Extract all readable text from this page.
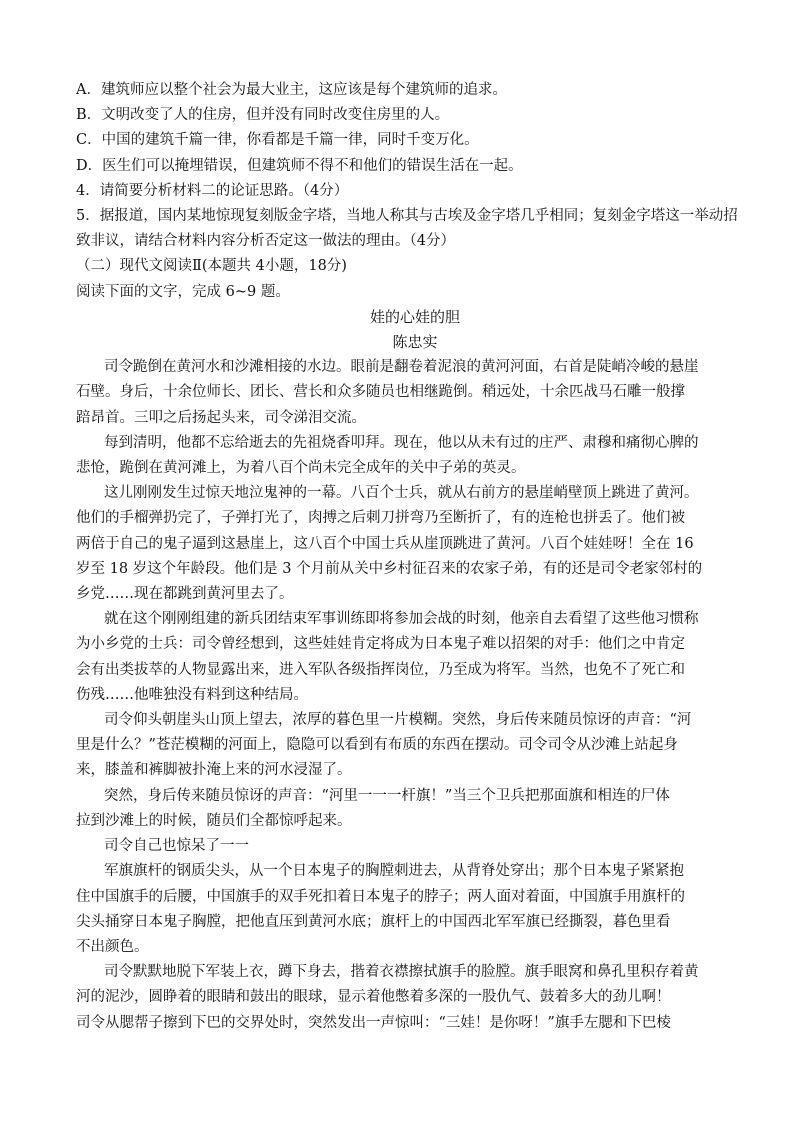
A．建筑师应以整个社会为最大业主，这应该是每个建筑师的追求。
B．文明改变了人的住房，但并没有同时改变住房里的人。
C．中国的建筑千篇一律，你看都是千篇一律，同时千变万化。
D．医生们可以掩埋错误，但建筑师不得不和他们的错误生活在一起。
4．请简要分析材料二的论证思路。（4分）
5．据报道，国内某地惊现复刻版金字塔，当地人称其与古埃及金字塔几乎相同；复刻金字塔这一举动招
致非议，请结合材料内容分析否定这一做法的理由。（4分）
（二）现代文阅读Ⅱ(本题共 4小题，18分)
阅读下面的文字，完成 6~9 题。
娃的心娃的胆
陈忠实
司令跪倒在黄河水和沙滩相接的水边。眼前是翻卷着泥浪的黄河河面，右首是陡峭冷峻的悬崖
石壁。身后，十余位师长、团长、营长和众多随员也相继跪倒。稍远处，十余匹战马石雕一般撑
踣昂首。三叩之后扬起头来，司令涕泪交流。
每到清明，他都不忘给逝去的先祖烧香叩拜。现在，他以从未有过的庄严、肃穆和痛彻心脾的
悲怆，跪倒在黄河滩上，为着八百个尚未完全成年的关中子弟的英灵。
这儿刚刚发生过惊天地泣鬼神的一幕。八百个士兵，就从右前方的悬崖峭壁顶上跳进了黄河。
他们的手榴弹扔完了，子弹打光了，肉搏之后刺刀拼弯乃至断折了，有的连枪也拼丢了。他们被
两倍于自己的鬼子逼到这悬崖上，这八百个中国士兵从崖顶跳进了黄河。八百个娃娃呀！全在 16
岁至 18 岁这个年龄段。他们是 3 个月前从关中乡村征召来的农家子弟，有的还是司令老家邻村的
乡党……现在都跳到黄河里去了。
就在这个刚刚组建的新兵团结束军事训练即将参加会战的时刻，他亲自去看望了这些他习惯称
为小乡党的士兵：司令曾经想到，这些娃娃肯定将成为日本鬼子难以招架的对手：他们之中肯定
会有出类拔萃的人物显露出来，进入军队各级指挥岗位，乃至成为将军。当然，也免不了死亡和
伤残……他唯独没有料到这种结局。
司令仰头朝崖头山顶上望去，浓厚的暮色里一片模糊。突然，身后传来随员惊讶的声音：“河
里是什么？”苍茫模糊的河面上，隐隐可以看到有布质的东西在摆动。司令司令从沙滩上站起身
来，膝盖和裤脚被扑淹上来的河水浸湿了。
突然，身后传来随员惊讶的声音：“河里一一一杆旗！”当三个卫兵把那面旗和相连的尸体
拉到沙滩上的时候，随员们全都惊呼起来。
司令自己也惊呆了一一
军旗旗杆的钢质尖头，从一个日本鬼子的胸膛刺进去，从背脊处穿出；那个日本鬼子紧紧抱
住中国旗手的后腰，中国旗手的双手死扣着日本鬼子的脖子；两人面对着面，中国旗手用旗杆的
尖头捅穿日本鬼子胸膛，把他直压到黄河水底；旗杆上的中国西北军军旗已经撕裂，暮色里看
不出颜色。
司令默默地脱下军装上衣，蹲下身去，揩着衣襟擦拭旗手的脸膛。旗手眼窝和鼻孔里积存着黄
河的泥沙，圆睁着的眼睛和鼓出的眼球，显示着他憋着多深的一股仇气、鼓着多大的劲儿啊！
司令从腮帮子擦到下巴的交界处时，突然发出一声惊叫：“三娃！是你呀！”旗手左腮和下巴棱
